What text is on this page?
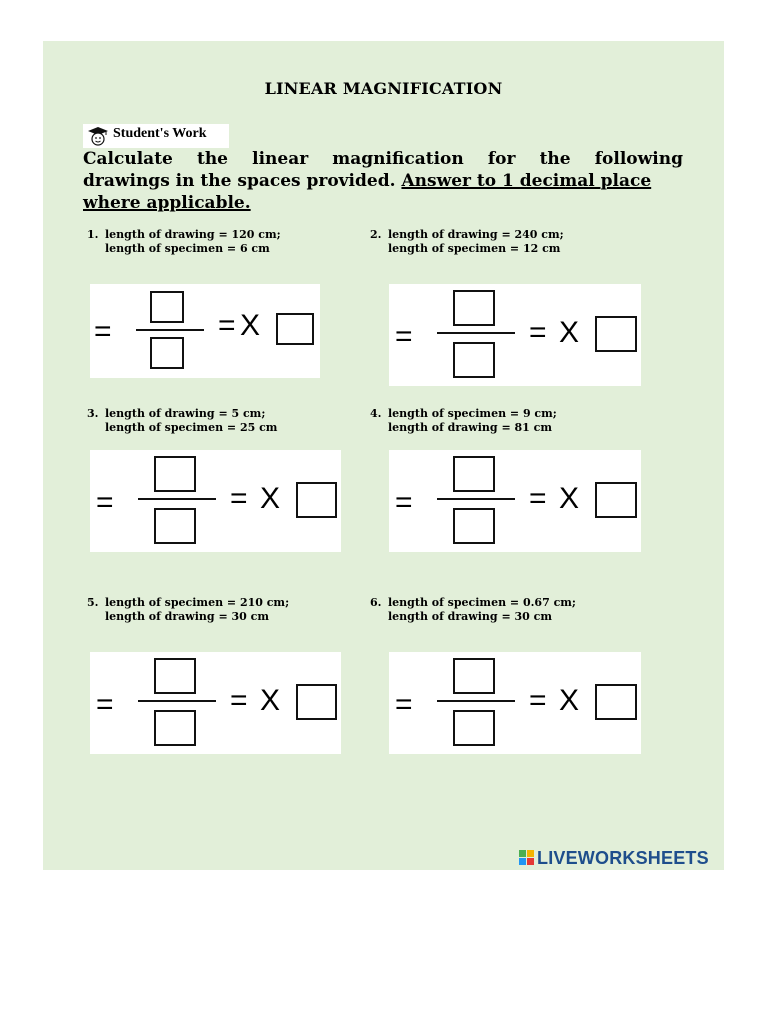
LINEAR MAGNIFICATION
Student's Work
Calculate the linear magnification for the following
drawings in the spaces provided. Answer to 1 decimal place
where applicable.
1. length of drawing = 120 cm;
length of specimen = 6 cm
2. length of drawing = 240 cm;
length of specimen = 12 cm
3. length of drawing = 5 cm;
length of specimen = 25 cm
4. length of specimen = 9 cm;
length of drawing = 81 cm
5. length of specimen = 210 cm;
length of drawing = 30 cm
6. length of specimen = 0.67 cm;
length of drawing = 30 cm
=	= X	=	= X
=	= X	=	= X
=	= X	=	= X
LIVEWORKSHEETS
